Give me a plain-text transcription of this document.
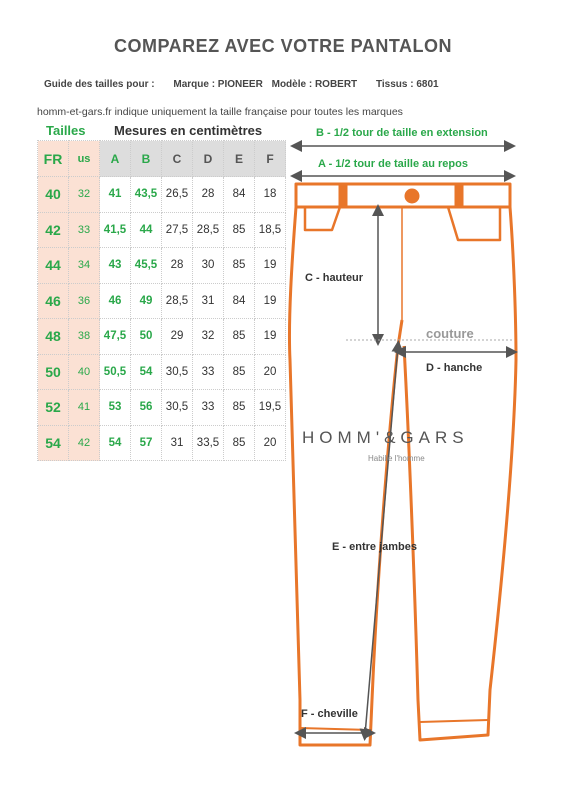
COMPAREZ AVEC VOTRE PANTALON
Guide des tailles pour : Marque : PIONEER Modèle : ROBERT Tissus : 6801
homm-et-gars.fr indique uniquement la taille française pour toutes les marques
Tailles Mesures en centimètres
FR	us	A	B	C	D	E	F
40	32	41	43,5	26,5	28	84	18
42	33	41,5	44	27,5	28,5	85	18,5
44	34	43	45,5	28	30	85	19
46	36	46	49	28,5	31	84	19
48	38	47,5	50	29	32	85	19
50	40	50,5	54	30,5	33	85	20
52	41	53	56	30,5	33	85	19,5
54	42	54	57	31	33,5	85	20
B - 1/2 tour de taille en extension
A - 1/2 tour de taille au repos
C - hauteur
couture
D - hanche
HOMM'&GARS
Habille l'homme
E - entre jambes
F - cheville
